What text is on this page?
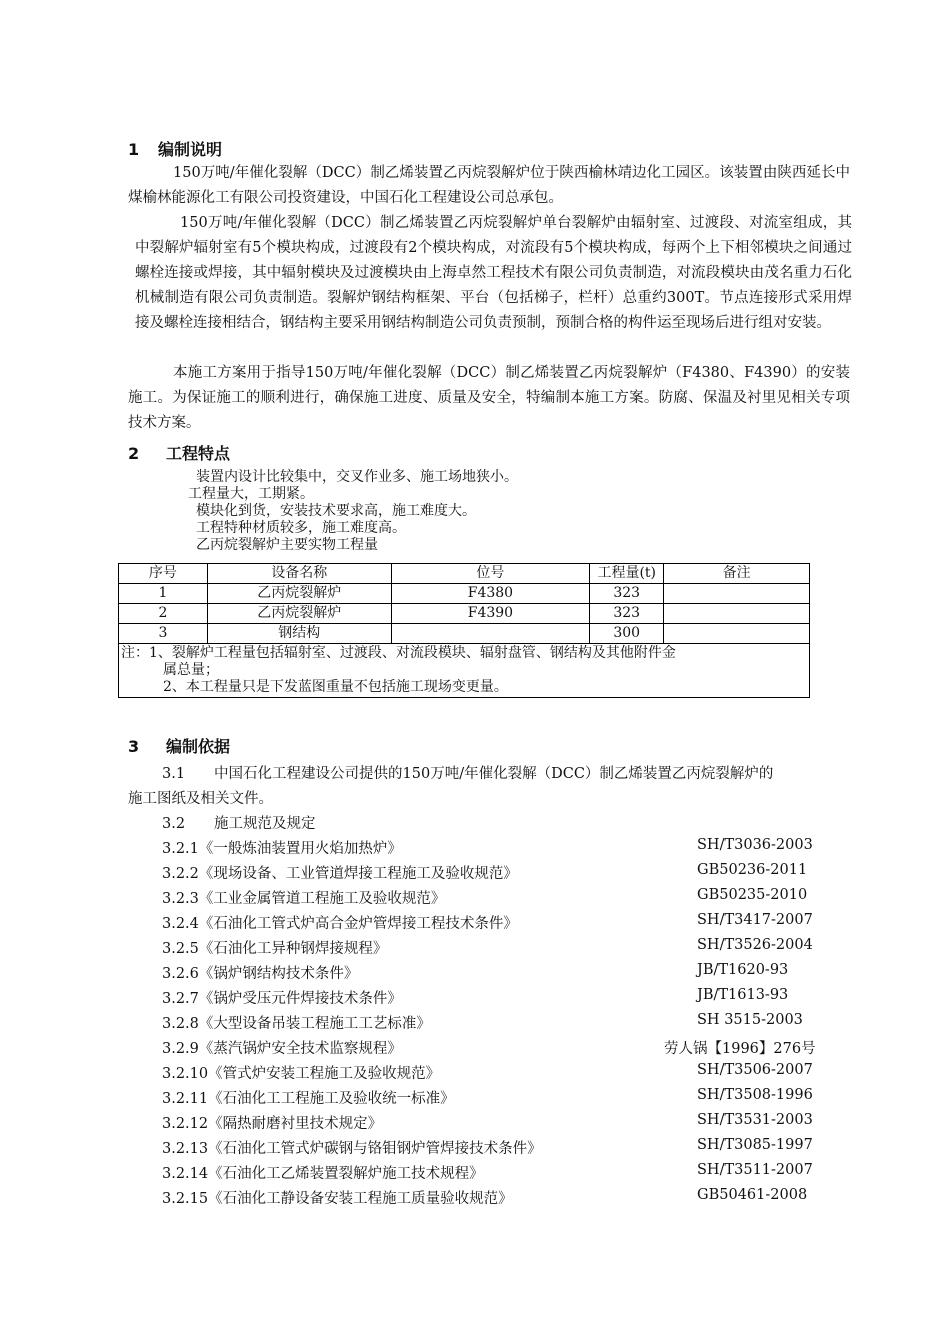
1 编制说明
150万吨/年催化裂解（DCC）制乙烯装置乙丙烷裂解炉位于陕西榆林靖边化工园区。该装置由陕西延长中煤榆林能源化工有限公司投资建设，中国石化工程建设公司总承包。
150万吨/年催化裂解（DCC）制乙烯装置乙丙烷裂解炉单台裂解炉由辐射室、过渡段、对流室组成，其中裂解炉辐射室有5个模块构成，过渡段有2个模块构成，对流段有5个模块构成，每两个上下相邻模块之间通过螺栓连接或焊接，其中辐射模块及过渡模块由上海卓然工程技术有限公司负责制造，对流段模块由茂名重力石化机械制造有限公司负责制造。裂解炉钢结构框架、平台（包括梯子，栏杆）总重约300T。节点连接形式采用焊接及螺栓连接相结合，钢结构主要采用钢结构制造公司负责预制，预制合格的构件运至现场后进行组对安装。
本施工方案用于指导150万吨/年催化裂解（DCC）制乙烯装置乙丙烷裂解炉（F4380、F4390）的安装施工。为保证施工的顺利进行，确保施工进度、质量及安全，特编制本施工方案。防腐、保温及衬里见相关专项技术方案。
2 工程特点
装置内设计比较集中，交叉作业多、施工场地狭小。
工程量大，工期紧。
模块化到货，安装技术要求高，施工难度大。
工程特种材质较多，施工难度高。
乙丙烷裂解炉主要实物工程量
序号	设备名称	位号	工程量(t)	备注
1	乙丙烷裂解炉	F4380	323	
2	乙丙烷裂解炉	F4390	323	
3	钢结构		300	

注：1、裂解炉工程量包括辐射室、过渡段、对流段模块、辐射盘管、钢结构及其他附件金
属总量；
2、本工程量只是下发蓝图重量不包括施工现场变更量。				
3 编制依据
3.1　　中国石化工程建设公司提供的150万吨/年催化裂解（DCC）制乙烯装置乙丙烷裂解炉的
施工图纸及相关文件。
3.2　　施工规范及规定
3.2.1《一般炼油装置用火焰加热炉》	SH/T3036-2003
3.2.2《现场设备、工业管道焊接工程施工及验收规范》	GB50236-2011
3.2.3《工业金属管道工程施工及验收规范》	GB50235-2010
3.2.4《石油化工管式炉高合金炉管焊接工程技术条件》	SH/T3417-2007
3.2.5《石油化工异种钢焊接规程》	SH/T3526-2004
3.2.6《锅炉钢结构技术条件》	JB/T1620-93
3.2.7《锅炉受压元件焊接技术条件》	JB/T1613-93
3.2.8《大型设备吊装工程施工工艺标准》	SH 3515-2003
3.2.9《蒸汽锅炉安全技术监察规程》	劳人锅【1996】276号
3.2.10《管式炉安装工程施工及验收规范》	SH/T3506-2007
3.2.11《石油化工工程施工及验收统一标准》	SH/T3508-1996
3.2.12《隔热耐磨衬里技术规定》	SH/T3531-2003
3.2.13《石油化工管式炉碳钢与铬钼钢炉管焊接技术条件》	SH/T3085-1997
3.2.14《石油化工乙烯装置裂解炉施工技术规程》	SH/T3511-2007
3.2.15《石油化工静设备安装工程施工质量验收规范》	GB50461-2008
